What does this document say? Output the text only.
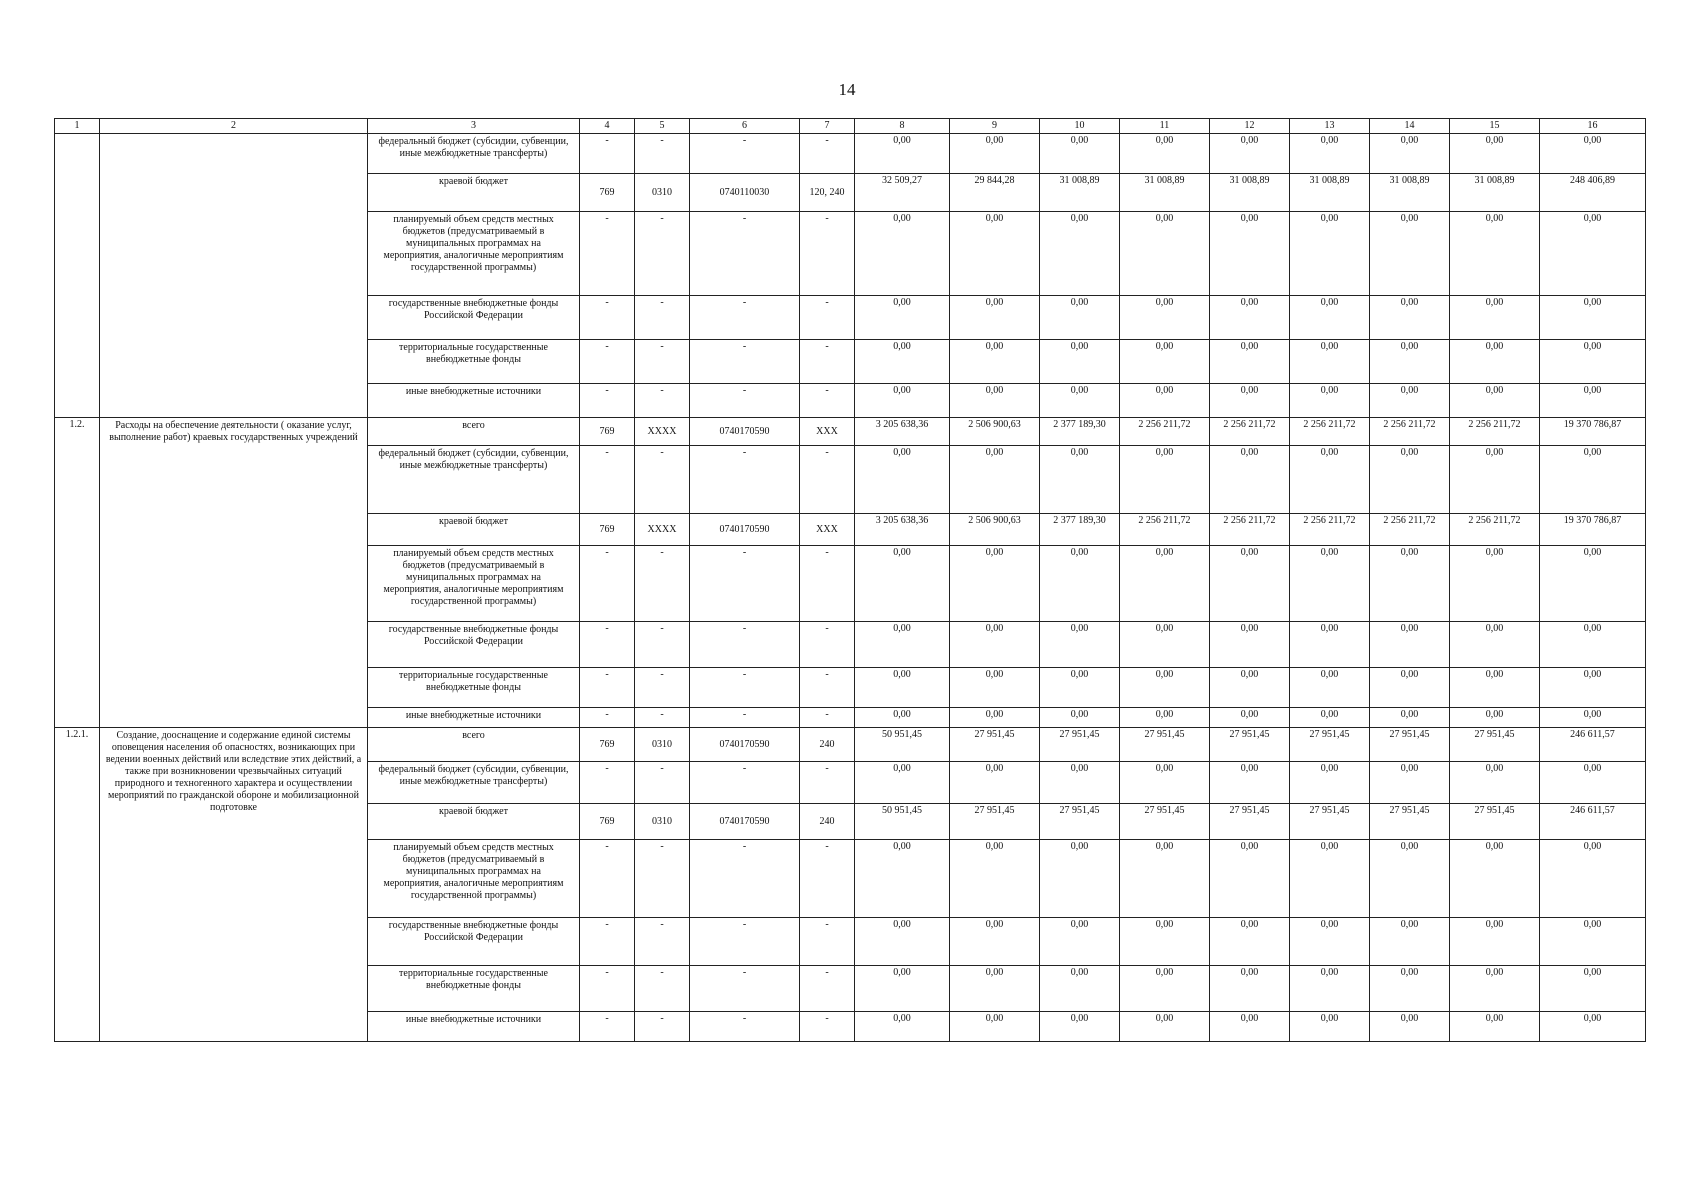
14
1	2	3	4	5	6	7	8	9	10	11	12	13	14	15	16
		федеральный бюджет (субсидии, субвенции, иные межбюджетные трансферты)	-	-	-	-	0,00	0,00	0,00	0,00	0,00	0,00	0,00	0,00	0,00
		краевой бюджет	769	0310	0740110030	120, 240	32 509,27	29 844,28	31 008,89	31 008,89	31 008,89	31 008,89	31 008,89	31 008,89	248 406,89
		планируемый объем средств местных бюджетов (предусматриваемый в муниципальных программах на мероприятия, аналогичные мероприятиям государственной программы)	-	-	-	-	0,00	0,00	0,00	0,00	0,00	0,00	0,00	0,00	0,00
		государственные внебюджетные фонды Российской Федерации	-	-	-	-	0,00	0,00	0,00	0,00	0,00	0,00	0,00	0,00	0,00
		территориальные государственные внебюджетные фонды	-	-	-	-	0,00	0,00	0,00	0,00	0,00	0,00	0,00	0,00	0,00
		иные внебюджетные источники	-	-	-	-	0,00	0,00	0,00	0,00	0,00	0,00	0,00	0,00	0,00
1.2.	Расходы на обеспечение деятельности ( оказание услуг, выполнение работ) краевых государственных учреждений	всего	769	XXXX	0740170590	XXX	3 205 638,36	2 506 900,63	2 377 189,30	2 256 211,72	2 256 211,72	2 256 211,72	2 256 211,72	2 256 211,72	19 370 786,87
		федеральный бюджет (субсидии, субвенции, иные межбюджетные трансферты)	-	-	-	-	0,00	0,00	0,00	0,00	0,00	0,00	0,00	0,00	0,00
		краевой бюджет	769	XXXX	0740170590	XXX	3 205 638,36	2 506 900,63	2 377 189,30	2 256 211,72	2 256 211,72	2 256 211,72	2 256 211,72	2 256 211,72	19 370 786,87
		планируемый объем средств местных бюджетов (предусматриваемый в муниципальных программах на мероприятия, аналогичные мероприятиям государственной программы)	-	-	-	-	0,00	0,00	0,00	0,00	0,00	0,00	0,00	0,00	0,00
		государственные внебюджетные фонды Российской Федерации	-	-	-	-	0,00	0,00	0,00	0,00	0,00	0,00	0,00	0,00	0,00
		территориальные государственные внебюджетные фонды	-	-	-	-	0,00	0,00	0,00	0,00	0,00	0,00	0,00	0,00	0,00
		иные внебюджетные источники	-	-	-	-	0,00	0,00	0,00	0,00	0,00	0,00	0,00	0,00	0,00
1.2.1.	Создание, дооснащение и содержание единой системы оповещения населения об опасностях, возникающих при ведении военных действий или вследствие этих действий, а также при возникновении чрезвычайных ситуаций природного и техногенного характера и осуществлении мероприятий по гражданской обороне и мобилизационной подготовке	всего	769	0310	0740170590	240	50 951,45	27 951,45	27 951,45	27 951,45	27 951,45	27 951,45	27 951,45	27 951,45	246 611,57
		федеральный бюджет (субсидии, субвенции, иные межбюджетные трансферты)	-	-	-	-	0,00	0,00	0,00	0,00	0,00	0,00	0,00	0,00	0,00
		краевой бюджет	769	0310	0740170590	240	50 951,45	27 951,45	27 951,45	27 951,45	27 951,45	27 951,45	27 951,45	27 951,45	246 611,57
		планируемый объем средств местных бюджетов (предусматриваемый в муниципальных программах на мероприятия, аналогичные мероприятиям государственной программы)	-	-	-	-	0,00	0,00	0,00	0,00	0,00	0,00	0,00	0,00	0,00
		государственные внебюджетные фонды Российской Федерации	-	-	-	-	0,00	0,00	0,00	0,00	0,00	0,00	0,00	0,00	0,00
		территориальные государственные внебюджетные фонды	-	-	-	-	0,00	0,00	0,00	0,00	0,00	0,00	0,00	0,00	0,00
		иные внебюджетные источники	-	-	-	-	0,00	0,00	0,00	0,00	0,00	0,00	0,00	0,00	0,00
